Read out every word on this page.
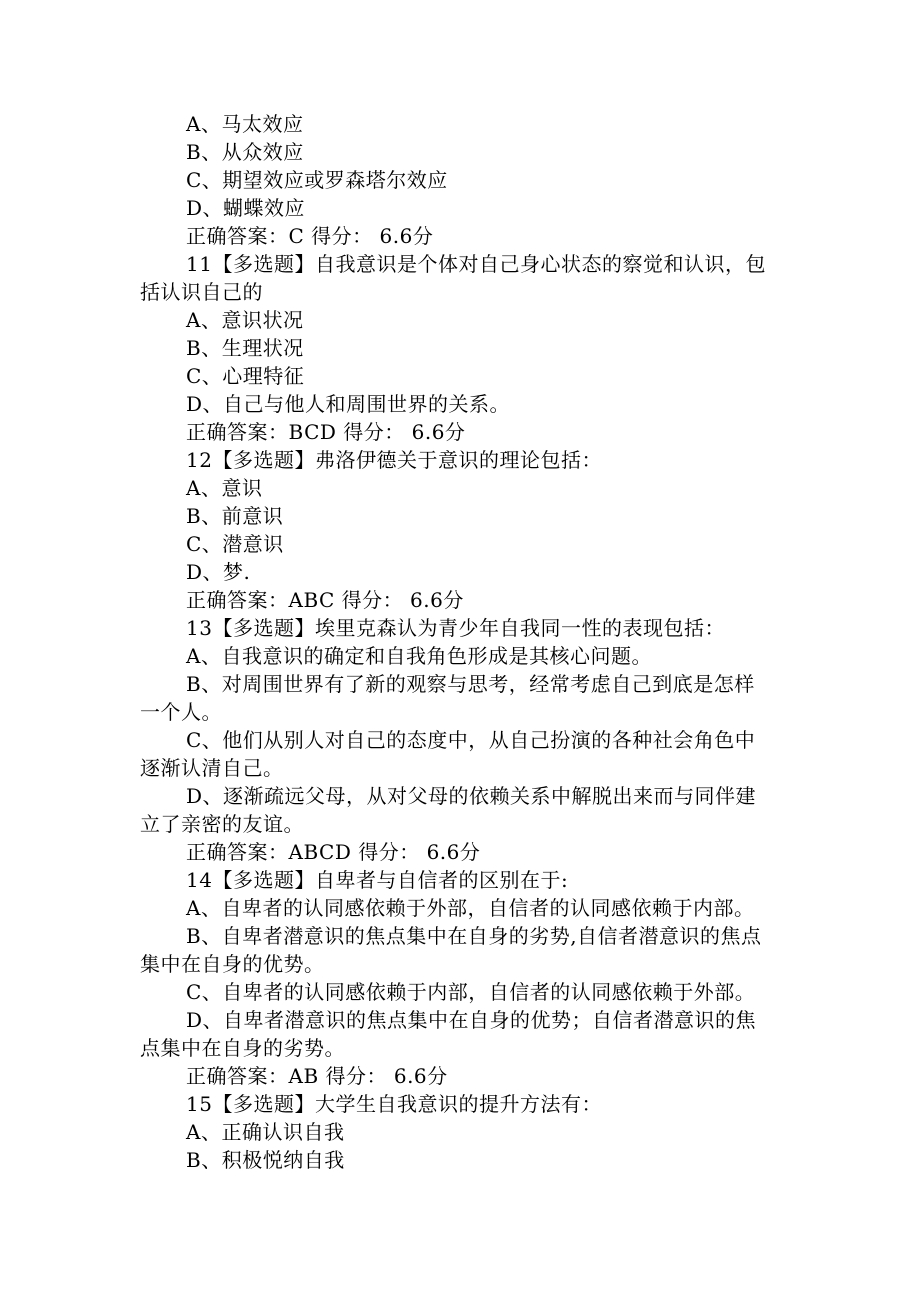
A、马太效应
B、从众效应
C、期望效应或罗森塔尔效应
D、蝴蝶效应
正确答案：C 得分： 6.6分
11【多选题】自我意识是个体对自己身心状态的察觉和认识，包
括认识自己的
A、意识状况
B、生理状况
C、心理特征
D、自己与他人和周围世界的关系。
正确答案：BCD 得分： 6.6分
12【多选题】弗洛伊德关于意识的理论包括：
A、意识
B、前意识
C、潜意识
D、梦.
正确答案：ABC 得分： 6.6分
13【多选题】埃里克森认为青少年自我同一性的表现包括：
A、自我意识的确定和自我角色形成是其核心问题。
B、对周围世界有了新的观察与思考，经常考虑自己到底是怎样
一个人。
C、他们从别人对自己的态度中，从自己扮演的各种社会角色中
逐渐认清自己。
D、逐渐疏远父母，从对父母的依赖关系中解脱出来而与同伴建
立了亲密的友谊。
正确答案：ABCD 得分： 6.6分
14【多选题】自卑者与自信者的区别在于:
A、自卑者的认同感依赖于外部，自信者的认同感依赖于内部。
B、自卑者潜意识的焦点集中在自身的劣势,自信者潜意识的焦点
集中在自身的优势。
C、自卑者的认同感依赖于内部，自信者的认同感依赖于外部。
D、自卑者潜意识的焦点集中在自身的优势；自信者潜意识的焦
点集中在自身的劣势。
正确答案：AB 得分： 6.6分
15【多选题】大学生自我意识的提升方法有：
A、正确认识自我
B、积极悦纳自我
